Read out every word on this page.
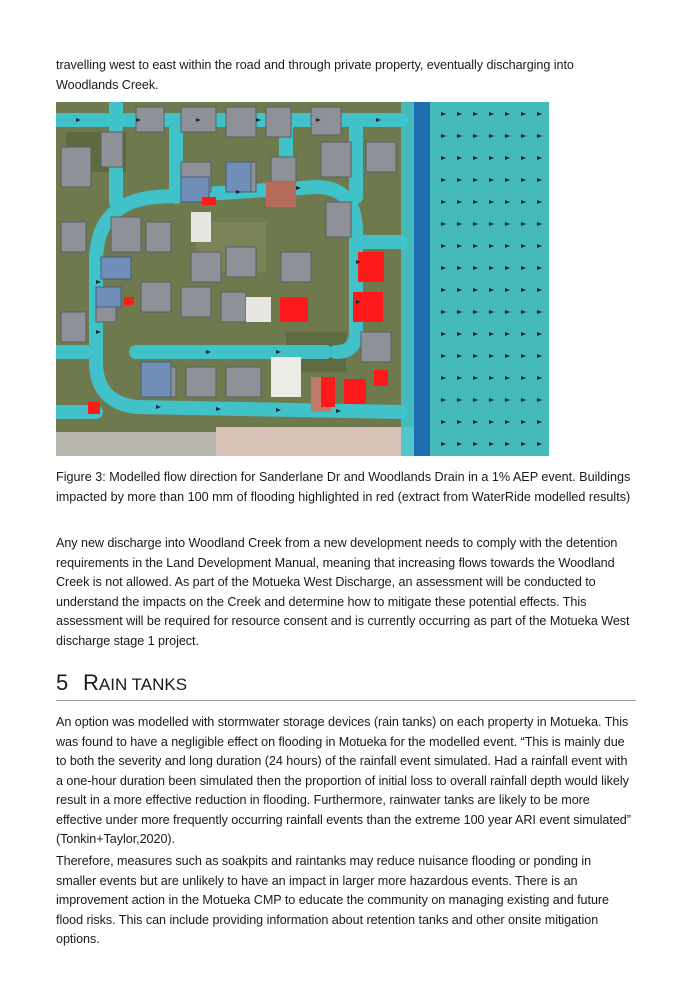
travelling west to east within the road and through private property, eventually discharging into Woodlands Creek.

Figure 3: Modelled flow direction for Sanderlane Dr and Woodlands Drain in a 1% AEP event. Buildings impacted by more than 100 mm of flooding highlighted in red (extract from WaterRide modelled results)

Any new discharge into Woodland Creek from a new development needs to comply with the detention requirements in the Land Development Manual, meaning that increasing flows towards the Woodland Creek is not allowed. As part of the Motueka West Discharge, an assessment will be conducted to understand the impacts on the Creek and determine how to mitigate these potential effects. This assessment will be required for resource consent and is currently occurring as part of the Motueka West discharge stage 1 project.

5 RAIN TANKS

An option was modelled with stormwater storage devices (rain tanks) on each property in Motueka. This was found to have a negligible effect on flooding in Motueka for the modelled event. “This is mainly due to both the severity and long duration (24 hours) of the rainfall event simulated. Had a rainfall event with a one-hour duration been simulated then the proportion of initial loss to overall rainfall depth would likely result in a more effective reduction in flooding. Furthermore, rainwater tanks are likely to be more effective under more frequently occurring rainfall events than the extreme 100 year ARI event simulated” (Tonkin+Taylor,2020).

Therefore, measures such as soakpits and raintanks may reduce nuisance flooding or ponding in smaller events but are unlikely to have an impact in larger more hazardous events. There is an improvement action in the Motueka CMP to educate the community on managing existing and future flood risks. This can include providing information about retention tanks and other onsite mitigation options.
